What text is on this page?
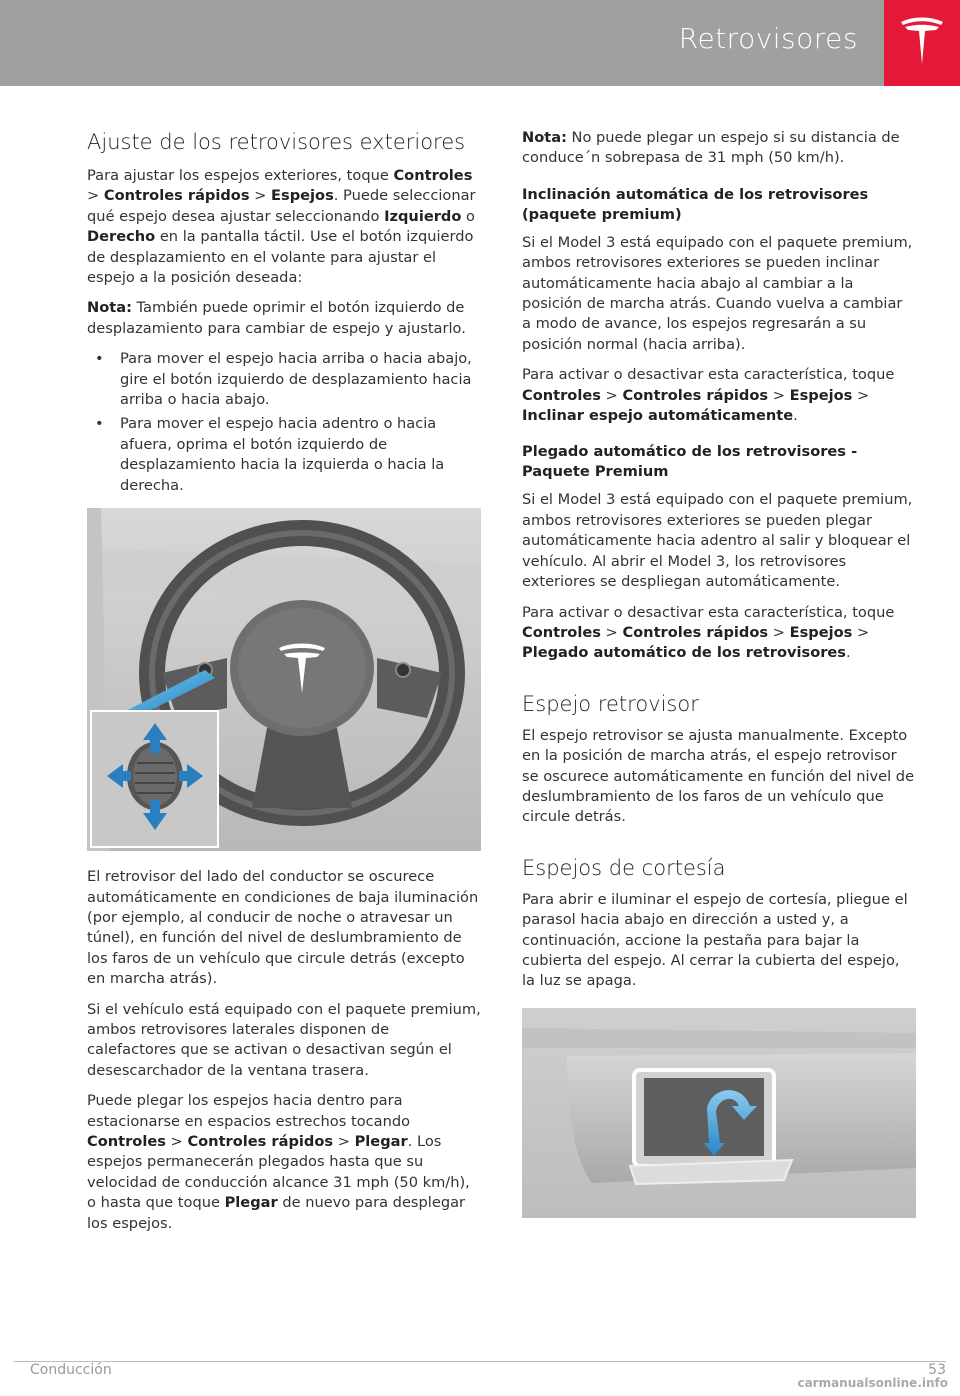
Retrovisores
Ajuste de los retrovisores exteriores

Para ajustar los espejos exteriores, toque Controles > Controles rápidos > Espejos. Puede seleccionar qué espejo desea ajustar seleccionando Izquierdo o Derecho en la pantalla táctil. Use el botón izquierdo de desplazamiento en el volante para ajustar el espejo a la posición deseada:

Nota: También puede oprimir el botón izquierdo de desplazamiento para cambiar de espejo y ajustarlo.

• Para mover el espejo hacia arriba o hacia abajo, gire el botón izquierdo de desplazamiento hacia arriba o hacia abajo.
• Para mover el espejo hacia adentro o hacia afuera, oprima el botón izquierdo de desplazamiento hacia la izquierda o hacia la derecha.

El retrovisor del lado del conductor se oscurece automáticamente en condiciones de baja iluminación (por ejemplo, al conducir de noche o atravesar un túnel), en función del nivel de deslumbramiento de los faros de un vehículo que circule detrás (excepto en marcha atrás).

Si el vehículo está equipado con el paquete premium, ambos retrovisores laterales disponen de calefactores que se activan o desactivan según el desescarchador de la ventana trasera.

Puede plegar los espejos hacia dentro para estacionarse en espacios estrechos tocando Controles > Controles rápidos > Plegar. Los espejos permanecerán plegados hasta que su velocidad de conducción alcance 31 mph (50 km/h), o hasta que toque Plegar de nuevo para desplegar los espejos.

Nota: No puede plegar un espejo si su distancia de conduce´n sobrepasa de 31 mph (50 km/h).

Inclinación automática de los retrovisores (paquete premium)

Si el Model 3 está equipado con el paquete premium, ambos retrovisores exteriores se pueden inclinar automáticamente hacia abajo al cambiar a la posición de marcha atrás. Cuando vuelva a cambiar a modo de avance, los espejos regresarán a su posición normal (hacia arriba).

Para activar o desactivar esta característica, toque Controles > Controles rápidos > Espejos > Inclinar espejo automáticamente.

Plegado automático de los retrovisores - Paquete Premium

Si el Model 3 está equipado con el paquete premium, ambos retrovisores exteriores se pueden plegar automáticamente hacia adentro al salir y bloquear el vehículo. Al abrir el Model 3, los retrovisores exteriores se despliegan automáticamente.

Para activar o desactivar esta característica, toque Controles > Controles rápidos > Espejos > Plegado automático de los retrovisores.

Espejo retrovisor

El espejo retrovisor se ajusta manualmente. Excepto en la posición de marcha atrás, el espejo retrovisor se oscurece automáticamente en función del nivel de deslumbramiento de los faros de un vehículo que circule detrás.

Espejos de cortesía

Para abrir e iluminar el espejo de cortesía, pliegue el parasol hacia abajo en dirección a usted y, a continuación, accione la pestaña para bajar la cubierta del espejo. Al cerrar la cubierta del espejo, la luz se apaga.

Conducción	53
carmanualsonline.info
